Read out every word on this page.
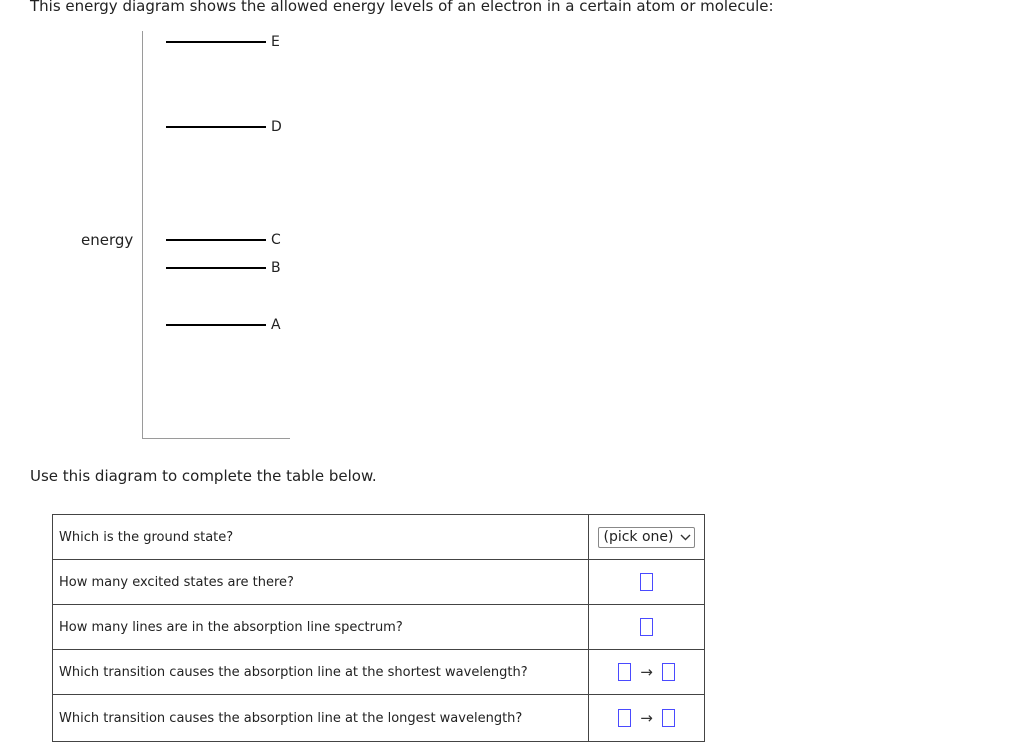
This energy diagram shows the allowed energy levels of an electron in a certain atom or molecule:
energy
E
D
C
B
A
Use this diagram to complete the table below.
Which is the ground state?	(pick one)

How many excited states are there?	
How many lines are in the absorption line spectrum?	
Which transition causes the absorption line at the shortest wavelength?	→
Which transition causes the absorption line at the longest wavelength?	→
